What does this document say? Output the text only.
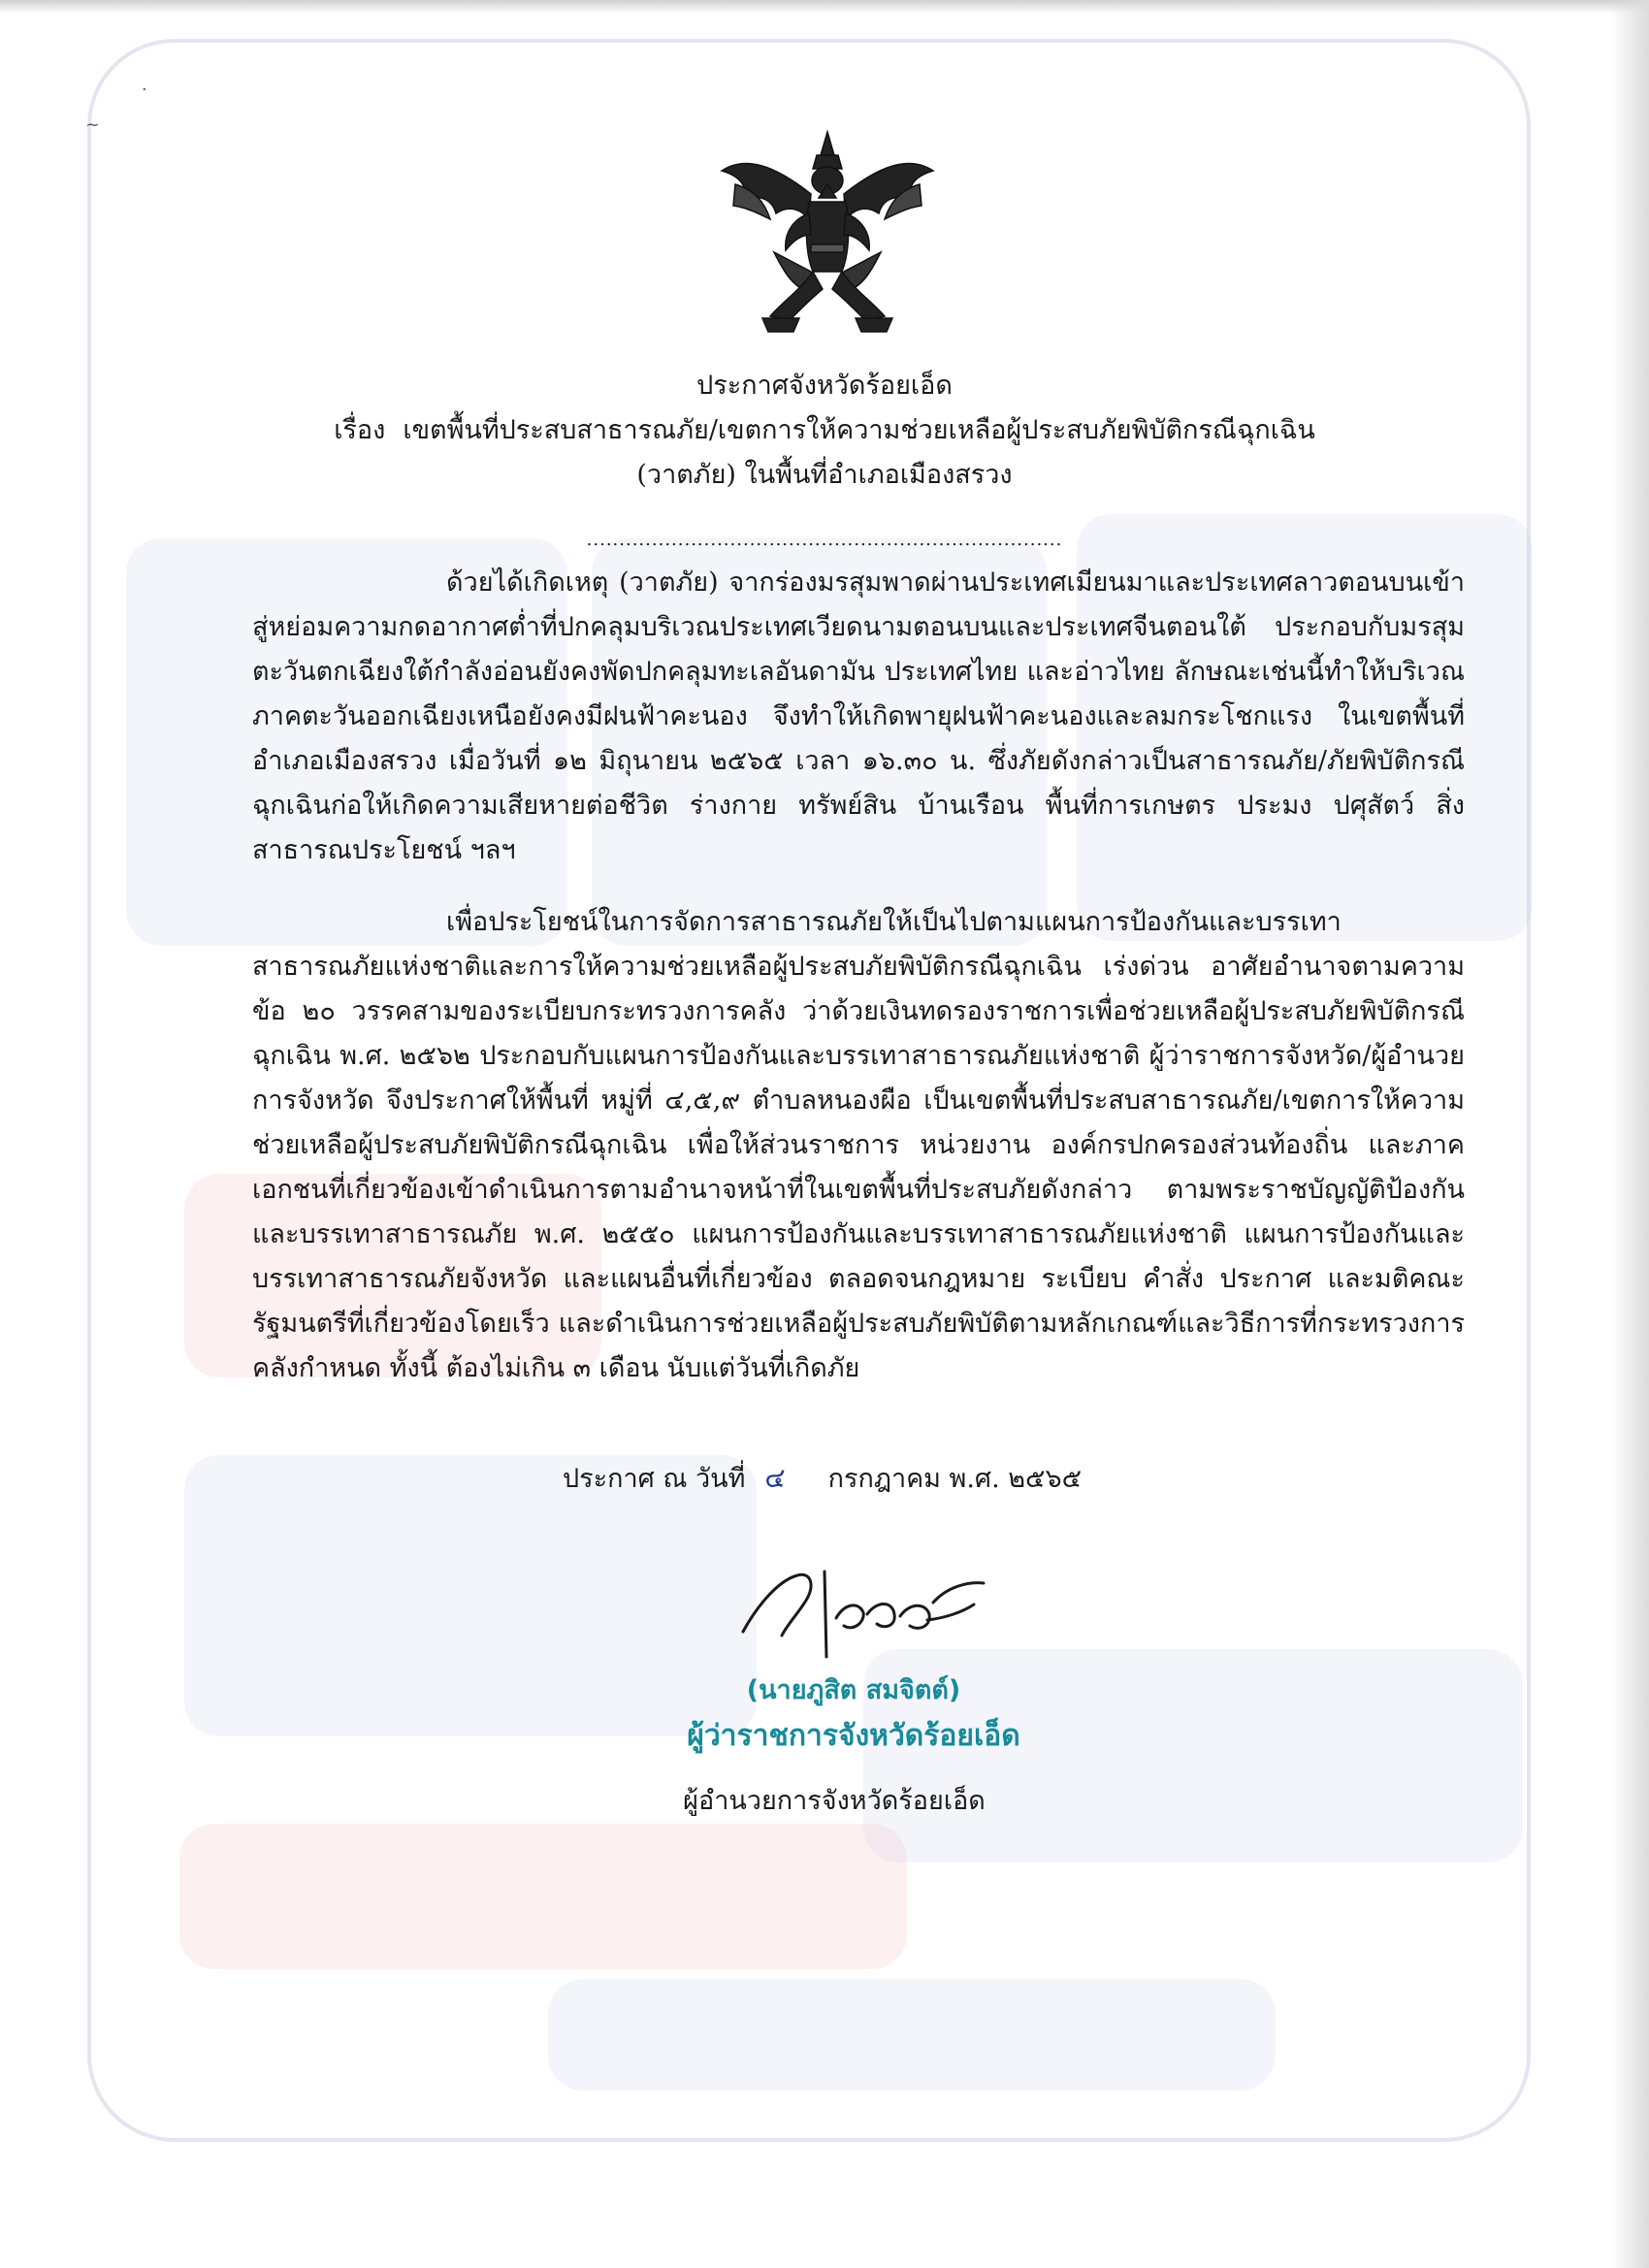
~
·
ประกาศจังหวัดร้อยเอ็ด
เรื่อง เขตพื้นที่ประสบสาธารณภัย/เขตการให้ความช่วยเหลือผู้ประสบภัยพิบัติกรณีฉุกเฉิน
(วาตภัย) ในพื้นที่อำเภอเมืองสรวง
.........................................................................

ด้วยได้เกิดเหตุ (วาตภัย) จากร่องมรสุมพาดผ่านประเทศเมียนมาและประเทศลาวตอนบนเข้าสู่หย่อมความกดอากาศต่ำที่ปกคลุมบริเวณประเทศเวียดนามตอนบนและประเทศจีนตอนใต้ ประกอบกับมรสุมตะวันตกเฉียงใต้กำลังอ่อนยังคงพัดปกคลุมทะเลอันดามัน ประเทศไทย และอ่าวไทย ลักษณะเช่นนี้ทำให้บริเวณภาคตะวันออกเฉียงเหนือยังคงมีฝนฟ้าคะนอง จึงทำให้เกิดพายุฝนฟ้าคะนองและลมกระโชกแรง ในเขตพื้นที่อำเภอเมืองสรวง เมื่อวันที่ ๑๒ มิถุนายน ๒๕๖๕ เวลา ๑๖.๓๐ น. ซึ่งภัยดังกล่าวเป็นสาธารณภัย/ภัยพิบัติกรณีฉุกเฉินก่อให้เกิดความเสียหายต่อชีวิต ร่างกาย ทรัพย์สิน บ้านเรือน พื้นที่การเกษตร ประมง ปศุสัตว์ สิ่งสาธารณประโยชน์ ฯลฯ

เพื่อประโยชน์ในการจัดการสาธารณภัยให้เป็นไปตามแผนการป้องกันและบรรเทาสาธารณภัยแห่งชาติและการให้ความช่วยเหลือผู้ประสบภัยพิบัติกรณีฉุกเฉิน เร่งด่วน อาศัยอำนาจตามความ ข้อ ๒๐ วรรคสามของระเบียบกระทรวงการคลัง ว่าด้วยเงินทดรองราชการเพื่อช่วยเหลือผู้ประสบภัยพิบัติกรณีฉุกเฉิน พ.ศ. ๒๕๖๒ ประกอบกับแผนการป้องกันและบรรเทาสาธารณภัยแห่งชาติ ผู้ว่าราชการจังหวัด/ผู้อำนวยการจังหวัด จึงประกาศให้พื้นที่ หมู่ที่ ๔,๕,๙ ตำบลหนองผือ เป็นเขตพื้นที่ประสบสาธารณภัย/เขตการให้ความช่วยเหลือผู้ประสบภัยพิบัติกรณีฉุกเฉิน เพื่อให้ส่วนราชการ หน่วยงาน องค์กรปกครองส่วนท้องถิ่น และภาคเอกชนที่เกี่ยวข้องเข้าดำเนินการตามอำนาจหน้าที่ในเขตพื้นที่ประสบภัยดังกล่าว ตามพระราชบัญญัติป้องกันและบรรเทาสาธารณภัย พ.ศ. ๒๕๕๐ แผนการป้องกันและบรรเทาสาธารณภัยแห่งชาติ แผนการป้องกันและบรรเทาสาธารณภัยจังหวัด และแผนอื่นที่เกี่ยวข้อง ตลอดจนกฎหมาย ระเบียบ คำสั่ง ประกาศ และมติคณะรัฐมนตรีที่เกี่ยวข้องโดยเร็ว และดำเนินการช่วยเหลือผู้ประสบภัยพิบัติตามหลักเกณฑ์และวิธีการที่กระทรวงการคลังกำหนด ทั้งนี้ ต้องไม่เกิน ๓ เดือน นับแต่วันที่เกิดภัย

ประกาศ ณ วันที่ ๔ กรกฎาคม พ.ศ. ๒๕๖๕
(นายภูสิต สมจิตต์)
ผู้ว่าราชการจังหวัดร้อยเอ็ด
ผู้อำนวยการจังหวัดร้อยเอ็ด
